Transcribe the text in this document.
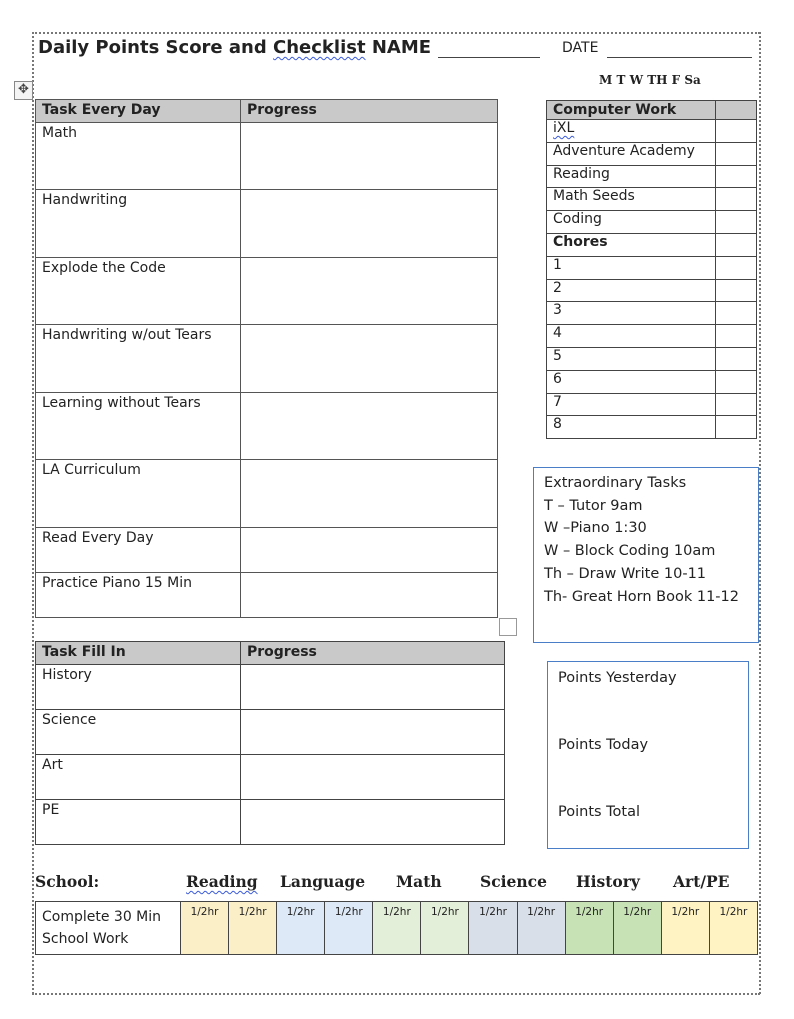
✥
Daily Points Score and Checklist NAME	DATE
M T W TH F Sa
Task Every Day	Progress
Math	
Handwriting	
Explode the Code	
Handwriting w/out Tears	
Learning without Tears	
LA Curriculum	
Read Every Day	
Practice Piano 15 Min	
Computer Work	
iXL	
Adventure Academy	
Reading	
Math Seeds	
Coding	
Chores	
1	
2	
3	
4	
5	
6	
7	
8	
Extraordinary Tasks
T – Tutor 9am
W –Piano 1:30
W – Block Coding 10am
Th – Draw Write 10-11
Th- Great Horn Book 11-12
Points Yesterday
Points Today
Points Total
Task Fill In	Progress
History	
Science	
Art	
PE	
School:	Reading Language Math Science History Art/PE
Complete 30 Min School Work	1/2hr	1/2hr	1/2hr	1/2hr	1/2hr	1/2hr	1/2hr	1/2hr	1/2hr	1/2hr	1/2hr	1/2hr
